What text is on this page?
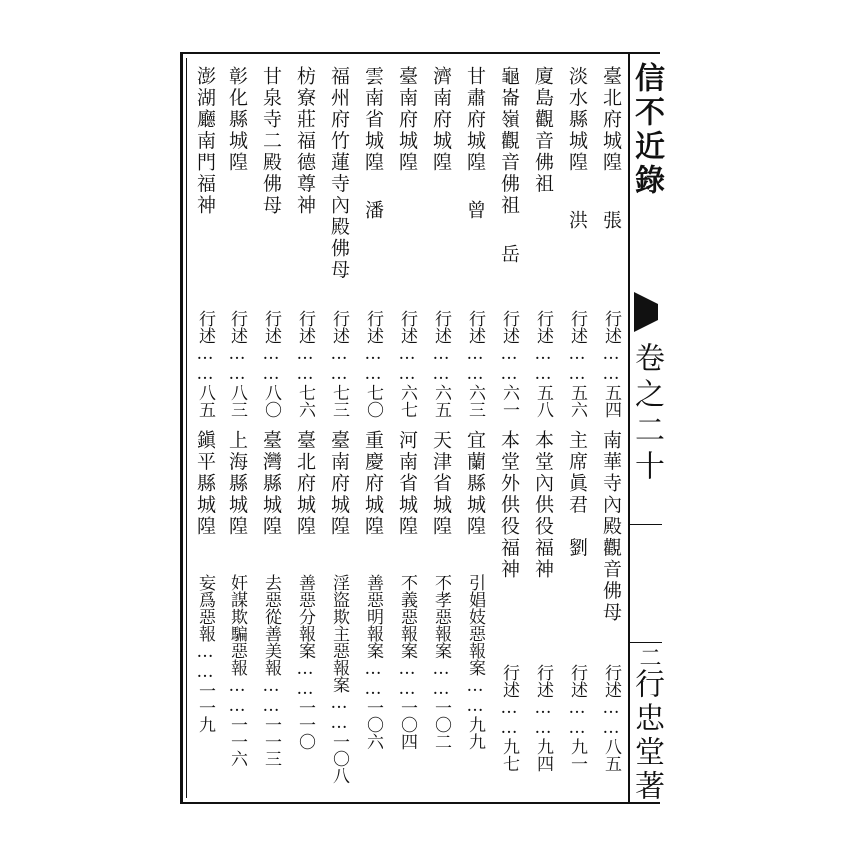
信不近錄
卷之二十
二
行忠堂著
臺北府城隍
張
行述……五四
淡水縣城隍
洪
行述……五六
廈島觀音佛祖
行述……五八
龜崙嶺觀音佛祖
岳
行述……六一
甘肅府城隍
曾
行述……六三
濟南府城隍
行述……六五
臺南府城隍
行述……六七
雲南省城隍
潘
行述……七〇
福州府竹蓮寺內殿佛母
行述……七三
枋寮莊福德尊神
行述……七六
甘泉寺二殿佛母
行述……八〇
彰化縣城隍
行述……八三
澎湖廳南門福神
行述……八五
南華寺內殿觀音佛母
行述……八五
主席眞君　劉
行述……九一
本堂內供役福神
行述……九四
本堂外供役福神
行述……九七
宜蘭縣城隍
引娼妓惡報案……九九
天津省城隍
不孝惡報案……一〇二
河南省城隍
不義惡報案……一〇四
重慶府城隍
善惡明報案……一〇六
臺南府城隍
淫盜欺主惡報案……一〇八
臺北府城隍
善惡分報案……一一〇
臺灣縣城隍
去惡從善美報……一一三
上海縣城隍
奸謀欺騙惡報……一一六
鎭平縣城隍
妄爲惡報……一一九
